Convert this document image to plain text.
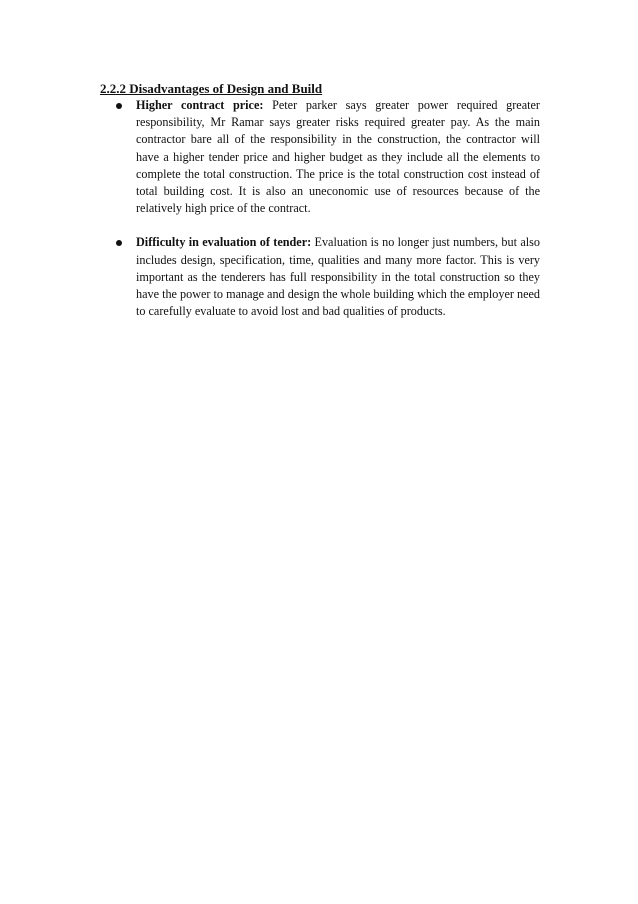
2.2.2 Disadvantages of Design and Build

Higher contract price: Peter parker says greater power required greater responsibility, Mr Ramar says greater risks required greater pay. As the main contractor bare all of the responsibility in the construction, the contractor will have a higher tender price and higher budget as they include all the elements to complete the total construction. The price is the total construction cost instead of total building cost. It is also an uneconomic use of resources because of the relatively high price of the contract.
Difficulty in evaluation of tender: Evaluation is no longer just numbers, but also includes design, specification, time, qualities and many more factor. This is very important as the tenderers has full responsibility in the total construction so they have the power to manage and design the whole building which the employer need to carefully evaluate to avoid lost and bad qualities of products.
